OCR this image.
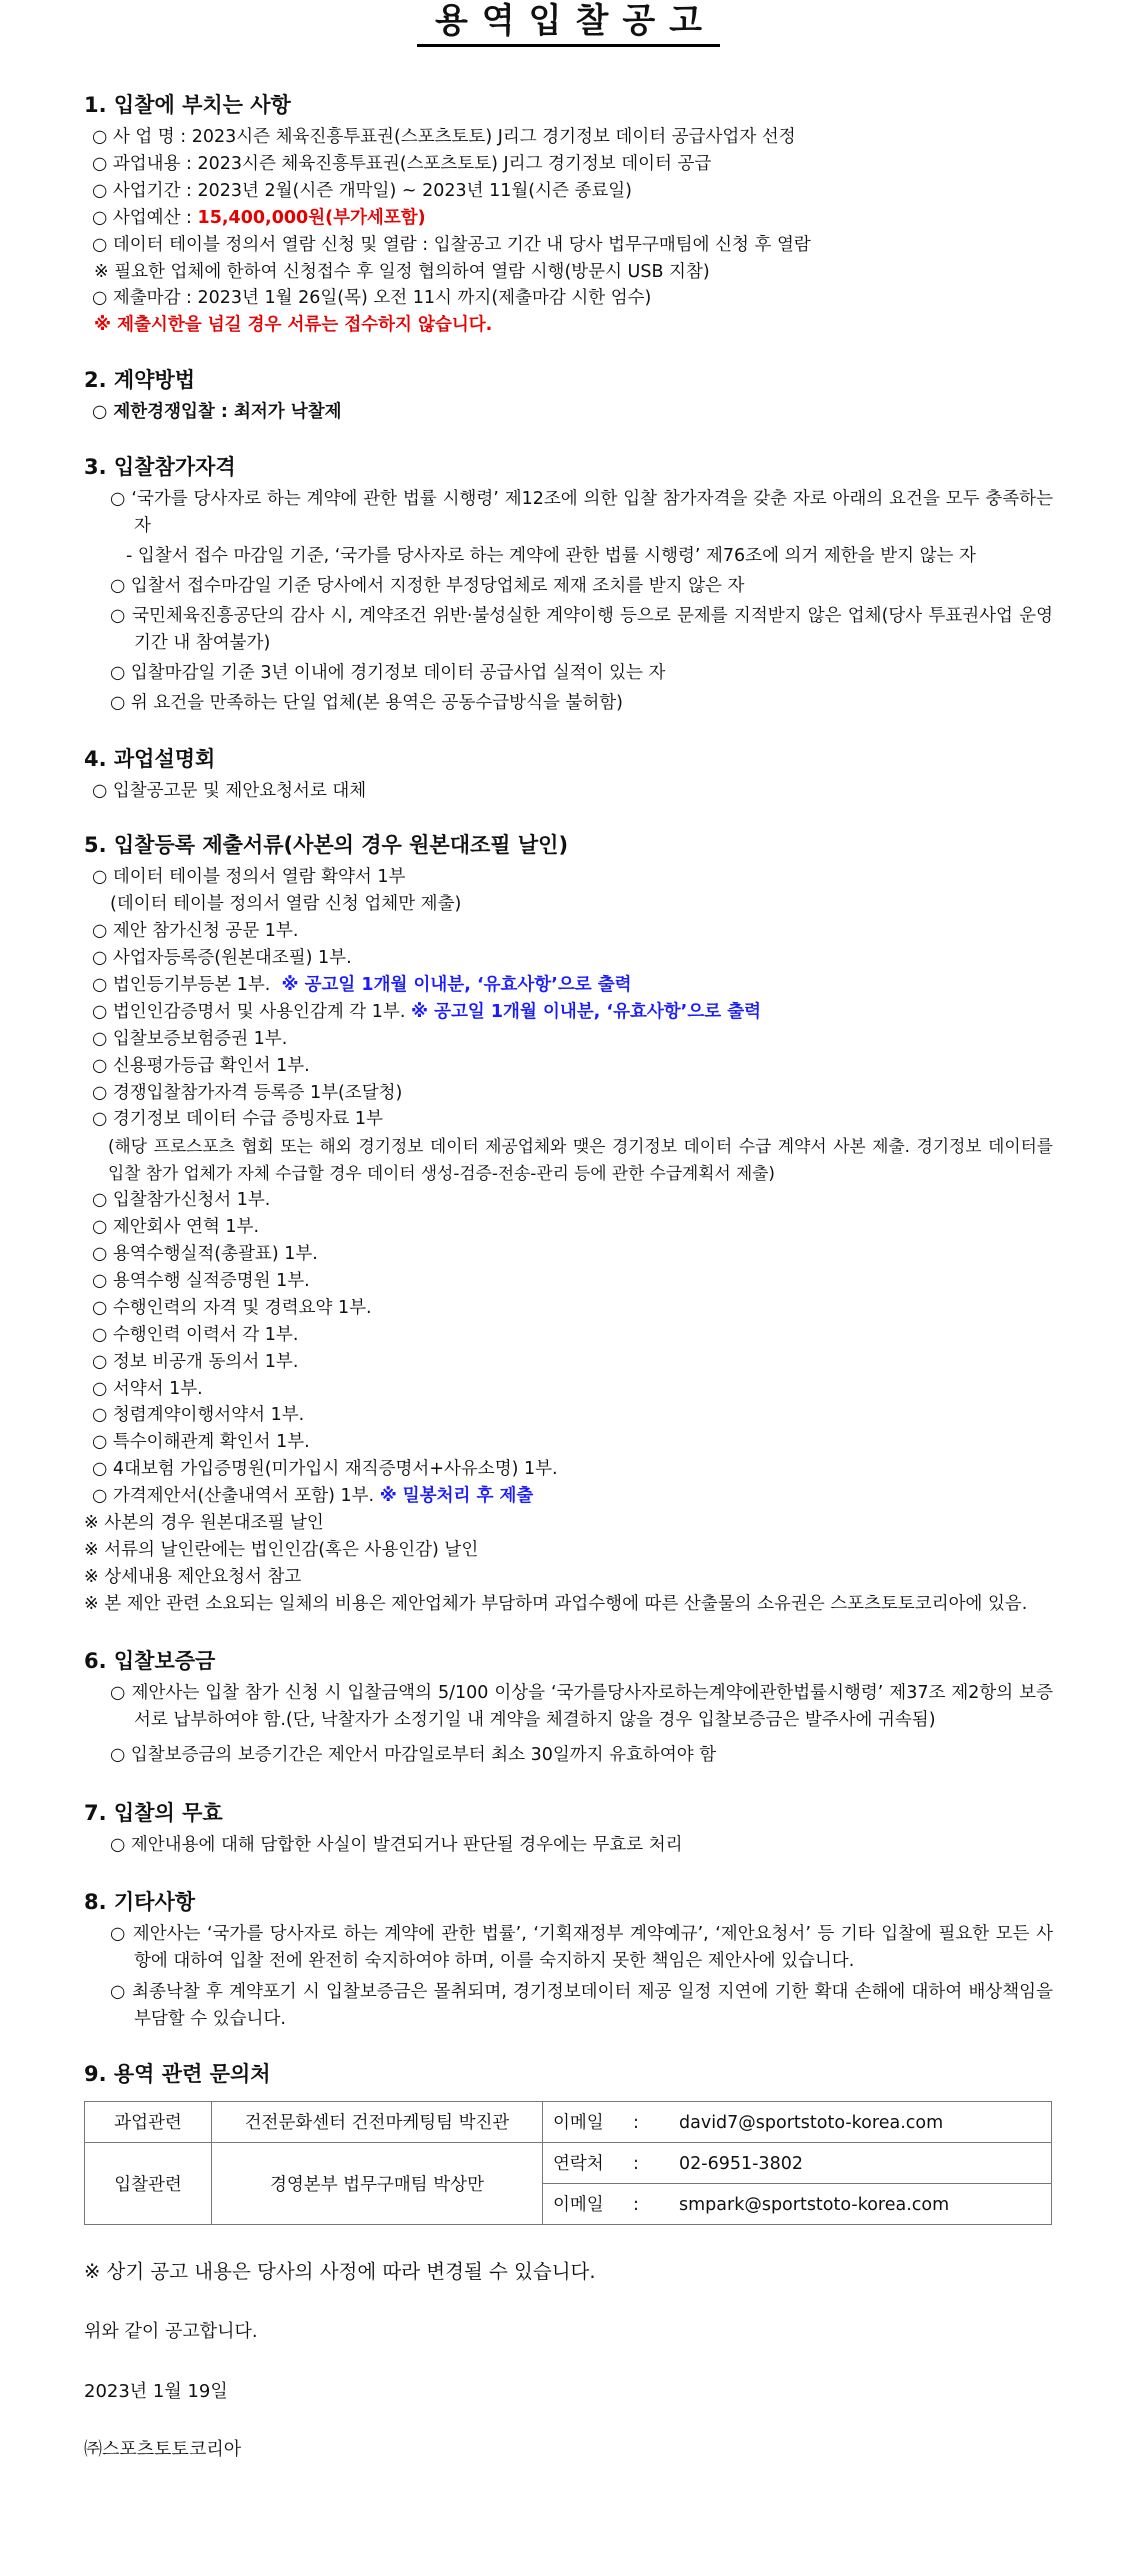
용역입찰공고
1. 입찰에 부치는 사항
○ 사 업 명 : 2023시즌 체육진흥투표권(스포츠토토) J리그 경기정보 데이터 공급사업자 선정
○ 과업내용 : 2023시즌 체육진흥투표권(스포츠토토) J리그 경기정보 데이터 공급
○ 사업기간 : 2023년 2월(시즌 개막일) ~ 2023년 11월(시즌 종료일)
○ 사업예산 : 15,400,000원(부가세포함)
○ 데이터 테이블 정의서 열람 신청 및 열람 : 입찰공고 기간 내 당사 법무구매팀에 신청 후 열람
※ 필요한 업체에 한하여 신청접수 후 일정 협의하여 열람 시행(방문시 USB 지참)
○ 제출마감 : 2023년 1월 26일(목) 오전 11시 까지(제출마감 시한 엄수)
※ 제출시한을 넘길 경우 서류는 접수하지 않습니다.
2. 계약방법
○ 제한경쟁입찰 : 최저가 낙찰제
3. 입찰참가자격
○ ‘국가를 당사자로 하는 계약에 관한 법률 시행령’ 제12조에 의한 입찰 참가자격을 갖춘 자로 아래의 요건을 모두 충족하는 자
- 입찰서 접수 마감일 기준, ‘국가를 당사자로 하는 계약에 관한 법률 시행령’ 제76조에 의거 제한을 받지 않는 자
○ 입찰서 접수마감일 기준 당사에서 지정한 부정당업체로 제재 조치를 받지 않은 자
○ 국민체육진흥공단의 감사 시, 계약조건 위반·불성실한 계약이행 등으로 문제를 지적받지 않은 업체(당사 투표권사업 운영기간 내 참여불가)
○ 입찰마감일 기준 3년 이내에 경기정보 데이터 공급사업 실적이 있는 자
○ 위 요건을 만족하는 단일 업체(본 용역은 공동수급방식을 불허함)
4. 과업설명회
○ 입찰공고문 및 제안요청서로 대체
5. 입찰등록 제출서류(사본의 경우 원본대조필 날인)
○ 데이터 테이블 정의서 열람 확약서 1부
(데이터 테이블 정의서 열람 신청 업체만 제출)
○ 제안 참가신청 공문 1부.
○ 사업자등록증(원본대조필) 1부.
○ 법인등기부등본 1부. ※ 공고일 1개월 이내분, ‘유효사항’으로 출력
○ 법인인감증명서 및 사용인감계 각 1부. ※ 공고일 1개월 이내분, ‘유효사항’으로 출력
○ 입찰보증보험증권 1부.
○ 신용평가등급 확인서 1부.
○ 경쟁입찰참가자격 등록증 1부(조달청)
○ 경기정보 데이터 수급 증빙자료 1부
(해당 프로스포츠 협회 또는 해외 경기정보 데이터 제공업체와 맺은 경기정보 데이터 수급 계약서 사본 제출. 경기정보 데이터를 입찰 참가 업체가 자체 수급할 경우 데이터 생성-검증-전송-관리 등에 관한 수급계획서 제출)
○ 입찰참가신청서 1부.
○ 제안회사 연혁 1부.
○ 용역수행실적(총괄표) 1부.
○ 용역수행 실적증명원 1부.
○ 수행인력의 자격 및 경력요약 1부.
○ 수행인력 이력서 각 1부.
○ 정보 비공개 동의서 1부.
○ 서약서 1부.
○ 청렴계약이행서약서 1부.
○ 특수이해관계 확인서 1부.
○ 4대보험 가입증명원(미가입시 재직증명서+사유소명) 1부.
○ 가격제안서(산출내역서 포함) 1부. ※ 밀봉처리 후 제출
※ 사본의 경우 원본대조필 날인
※ 서류의 날인란에는 법인인감(혹은 사용인감) 날인
※ 상세내용 제안요청서 참고
※ 본 제안 관련 소요되는 일체의 비용은 제안업체가 부담하며 과업수행에 따른 산출물의 소유권은 스포츠토토코리아에 있음.
6. 입찰보증금
○ 제안사는 입찰 참가 신청 시 입찰금액의 5/100 이상을 ‘국가를당사자로하는계약에관한법률시행령’ 제37조 제2항의 보증서로 납부하여야 함.(단, 낙찰자가 소정기일 내 계약을 체결하지 않을 경우 입찰보증금은 발주사에 귀속됨)
○ 입찰보증금의 보증기간은 제안서 마감일로부터 최소 30일까지 유효하여야 함
7. 입찰의 무효
○ 제안내용에 대해 담합한 사실이 발견되거나 판단될 경우에는 무효로 처리
8. 기타사항
○ 제안사는 ‘국가를 당사자로 하는 계약에 관한 법률’, ‘기획재정부 계약예규’, ‘제안요청서’ 등 기타 입찰에 필요한 모든 사항에 대하여 입찰 전에 완전히 숙지하여야 하며, 이를 숙지하지 못한 책임은 제안사에 있습니다.
○ 최종낙찰 후 계약포기 시 입찰보증금은 몰취되며, 경기정보데이터 제공 일정 지연에 기한 확대 손해에 대하여 배상책임을 부담할 수 있습니다.
9. 용역 관련 문의처
과업관련	건전문화센터 건전마케팅팀 박진관	이메일 : david7@sportstoto-korea.com
입찰관련	경영본부 법무구매팀 박상만	연락처 : 02-6951-3802
		이메일 : smpark@sportstoto-korea.com
※ 상기 공고 내용은 당사의 사정에 따라 변경될 수 있습니다.
위와 같이 공고합니다.
2023년 1월 19일
㈜스포츠토토코리아
